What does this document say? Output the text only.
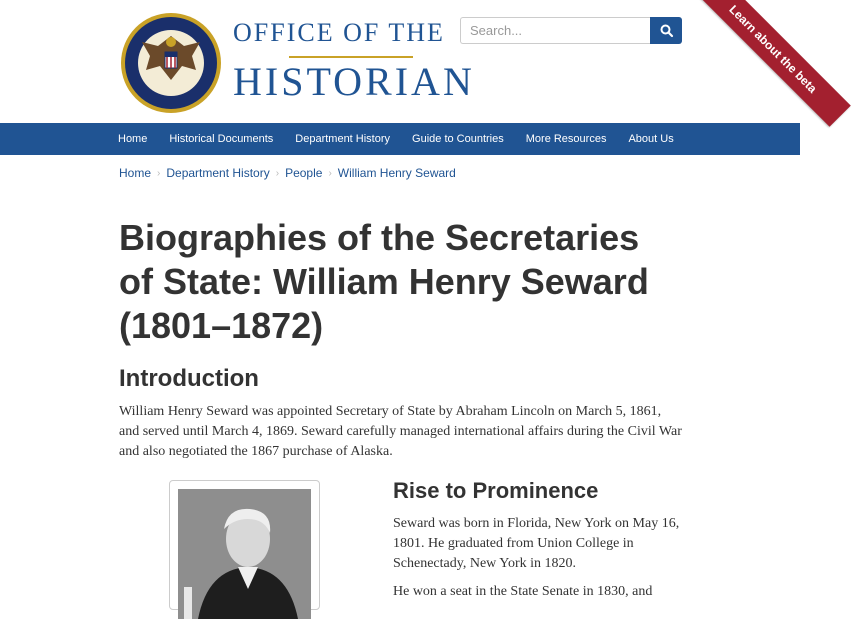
OFFICE OF THE
HISTORIAN
Search...	Learn about the beta
Home	Historical Documents	Department History	Guide to Countries	More Resources	About Us
Home › Department History › People › William Henry Seward
Biographies of the Secretaries of State: William Henry Seward (1801–1872)
Introduction

William Henry Seward was appointed Secretary of State by Abraham Lincoln on March 5, 1861, and served until March 4, 1869. Seward carefully managed international affairs during the Civil War and also negotiated the 1867 purchase of Alaska.

Rise to Prominence

Seward was born in Florida, New York on May 16, 1801. He graduated from Union College in Schenectady, New York in 1820.

He won a seat in the State Senate in 1830, and
